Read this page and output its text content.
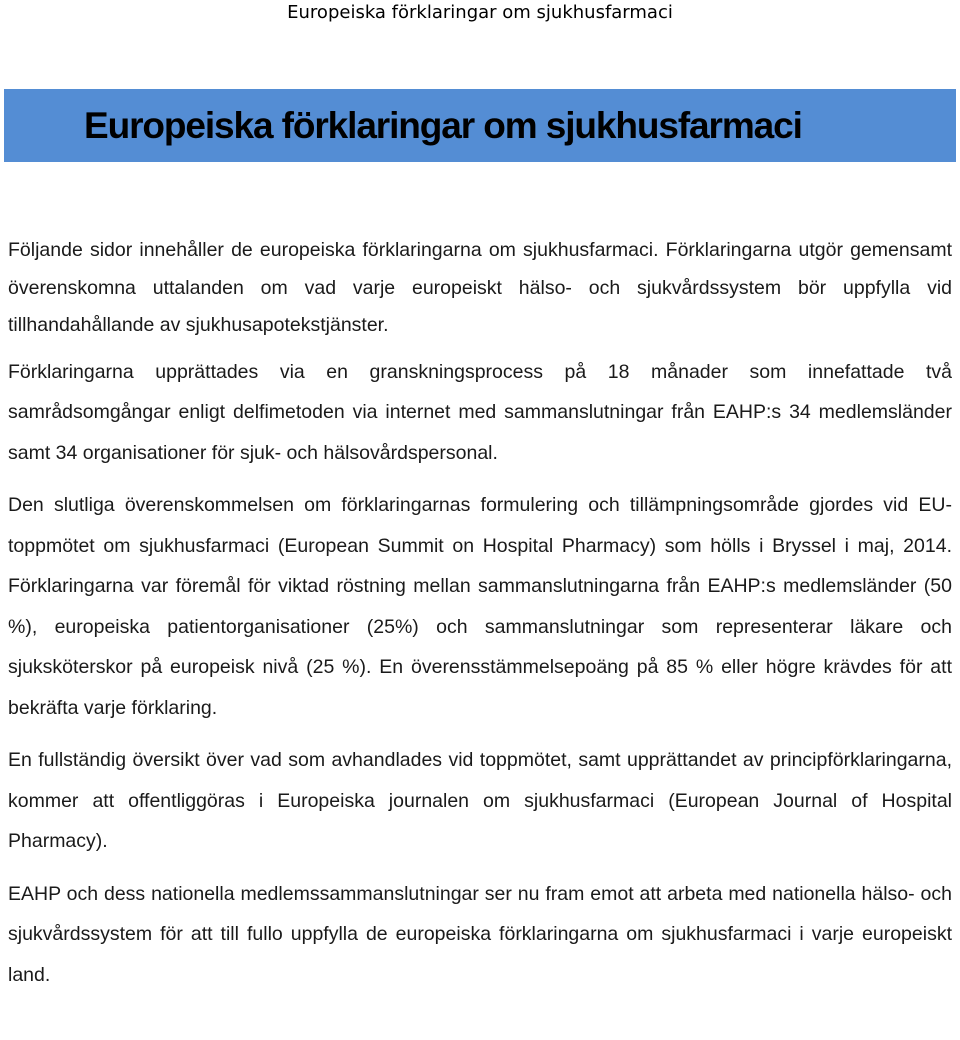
Europeiska förklaringar om sjukhusfarmaci
Europeiska förklaringar om sjukhusfarmaci

Följande sidor innehåller de europeiska förklaringarna om sjukhusfarmaci. Förklaringarna utgör gemensamt överenskomna uttalanden om vad varje europeiskt hälso- och sjukvårdssystem bör uppfylla vid tillhandahållande av sjukhusapotekstjänster.

Förklaringarna upprättades via en granskningsprocess på 18 månader som innefattade två samrådsomgångar enligt delfimetoden via internet med sammanslutningar från EAHP:s 34 medlemsländer samt 34 organisationer för sjuk- och hälsovårdspersonal.

Den slutliga överenskommelsen om förklaringarnas formulering och tillämpningsområde gjordes vid EU-toppmötet om sjukhusfarmaci (European Summit on Hospital Pharmacy) som hölls i Bryssel i maj, 2014. Förklaringarna var föremål för viktad röstning mellan sammanslutningarna från EAHP:s medlemsländer (50 %), europeiska patientorganisationer (25%) och sammanslutningar som representerar läkare och sjuksköterskor på europeisk nivå (25 %). En överensstämmelsepoäng på 85 % eller högre krävdes för att bekräfta varje förklaring.

En fullständig översikt över vad som avhandlades vid toppmötet, samt upprättandet av principförklaringarna, kommer att offentliggöras i Europeiska journalen om sjukhusfarmaci (European Journal of Hospital Pharmacy).

EAHP och dess nationella medlemssammanslutningar ser nu fram emot att arbeta med nationella hälso- och sjukvårdssystem för att till fullo uppfylla de europeiska förklaringarna om sjukhusfarmaci i varje europeiskt land.
